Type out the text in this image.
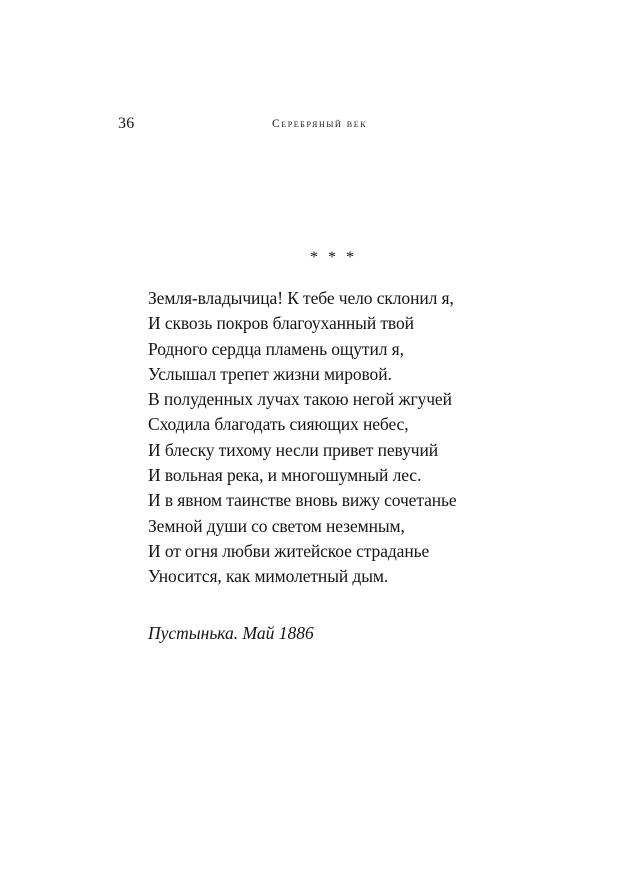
36	Серебряный век
* * *
Земля-владычица! К тебе чело склонил я,
И сквозь покров благоуханный твой
Родного сердца пламень ощутил я,
Услышал трепет жизни мировой.
В полуденных лучах такою негой жгучей
Сходила благодать сияющих небес,
И блеску тихому несли привет певучий
И вольная река, и многошумный лес.
И в явном таинстве вновь вижу сочетанье
Земной души со светом неземным,
И от огня любви житейское страданье
Уносится, как мимолетный дым.
Пустынька. Май 1886
